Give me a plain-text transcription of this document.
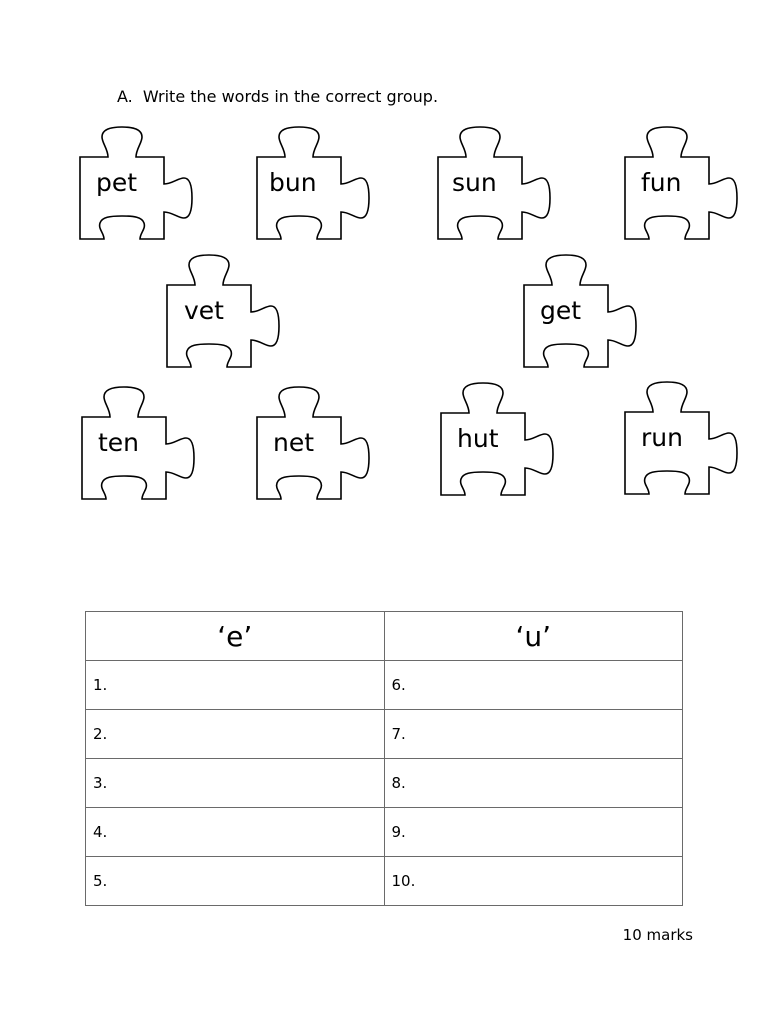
A. Write the words in the correct group.
pet	bun	sun	fun
vet	get
ten	net	hut	run
‘e’	‘u’
1.	6.
2.	7.
3.	8.
4.	9.
5.	10.
10 marks
